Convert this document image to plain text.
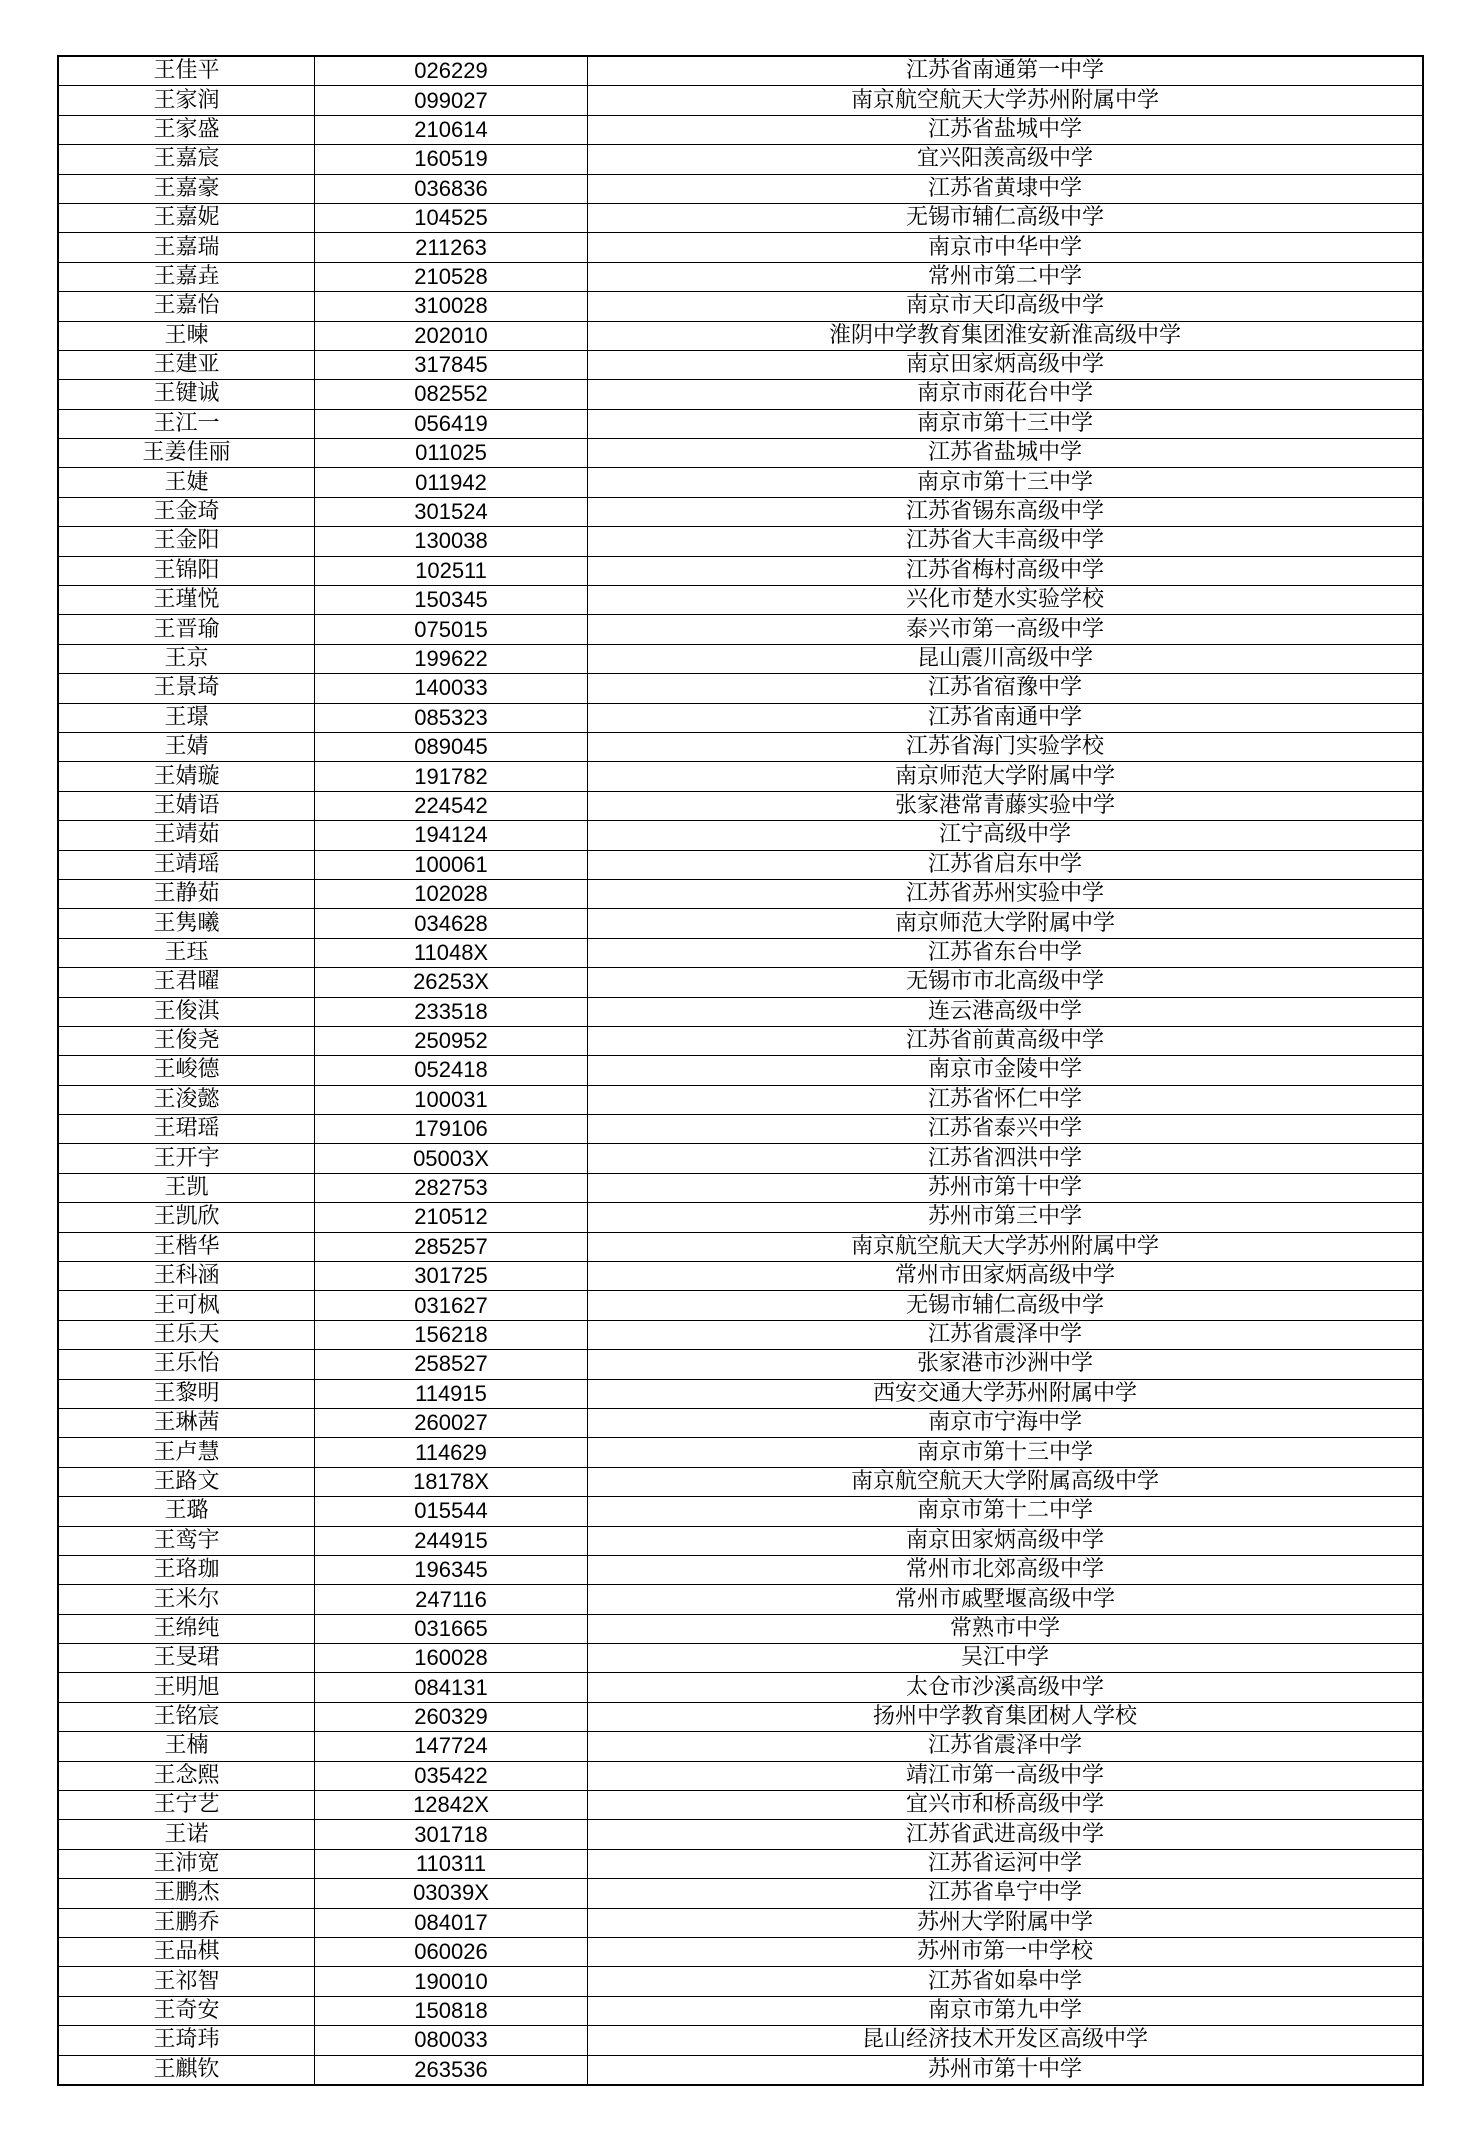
王佳平	026229	江苏省南通第一中学
王家润	099027	南京航空航天大学苏州附属中学
王家盛	210614	江苏省盐城中学
王嘉宸	160519	宜兴阳羡高级中学
王嘉豪	036836	江苏省黄埭中学
王嘉妮	104525	无锡市辅仁高级中学
王嘉瑞	211263	南京市中华中学
王嘉垚	210528	常州市第二中学
王嘉怡	310028	南京市天印高级中学
王暕	202010	淮阴中学教育集团淮安新淮高级中学
王建亚	317845	南京田家炳高级中学
王键诚	082552	南京市雨花台中学
王江一	056419	南京市第十三中学
王姜佳丽	011025	江苏省盐城中学
王婕	011942	南京市第十三中学
王金琦	301524	江苏省锡东高级中学
王金阳	130038	江苏省大丰高级中学
王锦阳	102511	江苏省梅村高级中学
王瑾悦	150345	兴化市楚水实验学校
王晋瑜	075015	泰兴市第一高级中学
王京	199622	昆山震川高级中学
王景琦	140033	江苏省宿豫中学
王璟	085323	江苏省南通中学
王婧	089045	江苏省海门实验学校
王婧璇	191782	南京师范大学附属中学
王婧语	224542	张家港常青藤实验中学
王靖茹	194124	江宁高级中学
王靖瑶	100061	江苏省启东中学
王静茹	102028	江苏省苏州实验中学
王隽曦	034628	南京师范大学附属中学
王珏	11048X	江苏省东台中学
王君曜	26253X	无锡市市北高级中学
王俊淇	233518	连云港高级中学
王俊尧	250952	江苏省前黄高级中学
王峻德	052418	南京市金陵中学
王浚懿	100031	江苏省怀仁中学
王珺瑶	179106	江苏省泰兴中学
王开宇	05003X	江苏省泗洪中学
王凯	282753	苏州市第十中学
王凯欣	210512	苏州市第三中学
王楷华	285257	南京航空航天大学苏州附属中学
王科涵	301725	常州市田家炳高级中学
王可枫	031627	无锡市辅仁高级中学
王乐天	156218	江苏省震泽中学
王乐怡	258527	张家港市沙洲中学
王黎明	114915	西安交通大学苏州附属中学
王琳茜	260027	南京市宁海中学
王卢慧	114629	南京市第十三中学
王路文	18178X	南京航空航天大学附属高级中学
王璐	015544	南京市第十二中学
王鸾宇	244915	南京田家炳高级中学
王珞珈	196345	常州市北郊高级中学
王米尔	247116	常州市戚墅堰高级中学
王绵纯	031665	常熟市中学
王旻珺	160028	吴江中学
王明旭	084131	太仓市沙溪高级中学
王铭宸	260329	扬州中学教育集团树人学校
王楠	147724	江苏省震泽中学
王念熙	035422	靖江市第一高级中学
王宁艺	12842X	宜兴市和桥高级中学
王诺	301718	江苏省武进高级中学
王沛宽	110311	江苏省运河中学
王鹏杰	03039X	江苏省阜宁中学
王鹏乔	084017	苏州大学附属中学
王品棋	060026	苏州市第一中学校
王祁智	190010	江苏省如皋中学
王奇安	150818	南京市第九中学
王琦玮	080033	昆山经济技术开发区高级中学
王麒钦	263536	苏州市第十中学
